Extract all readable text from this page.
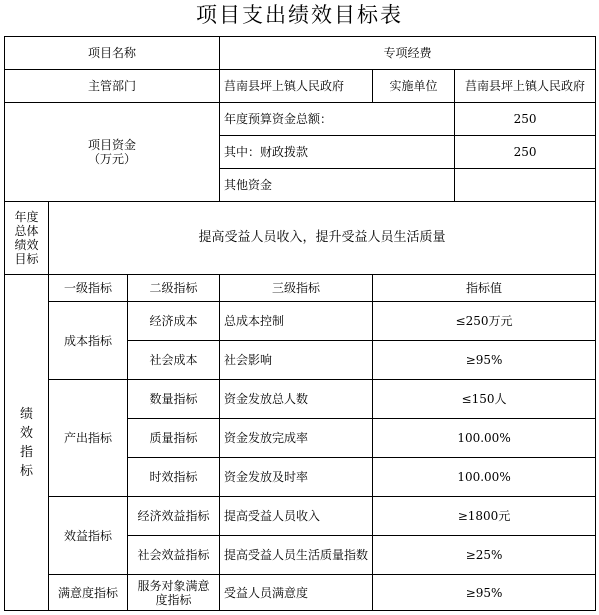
项目支出绩效目标表
项目名称			专项经费		
主管部门			莒南县坪上镇人民政府	实施单位	莒南县坪上镇人民政府

项目资金
（万元）			年度预算资金总额：		250
			其中：财政拨款		250
			其他资金		

年度
总体
绩效
目标	提高受益人员收入，提升受益人员生活质量				

绩
效
指
标	一级指标	二级指标	三级指标	指标值	
	成本指标	经济成本	总成本控制	≤250万元	
		社会成本	社会影响	≥95%	
	产出指标	数量指标	资金发放总人数	≤150人	
		质量指标	资金发放完成率	100.00%	
		时效指标	资金发放及时率	100.00%	
	效益指标	经济效益指标	提高受益人员收入	≥1800元	
		社会效益指标	提高受益人员生活质量指数	≥25%	
	满意度指标	服务对象满意度指标	受益人员满意度	≥95%	
